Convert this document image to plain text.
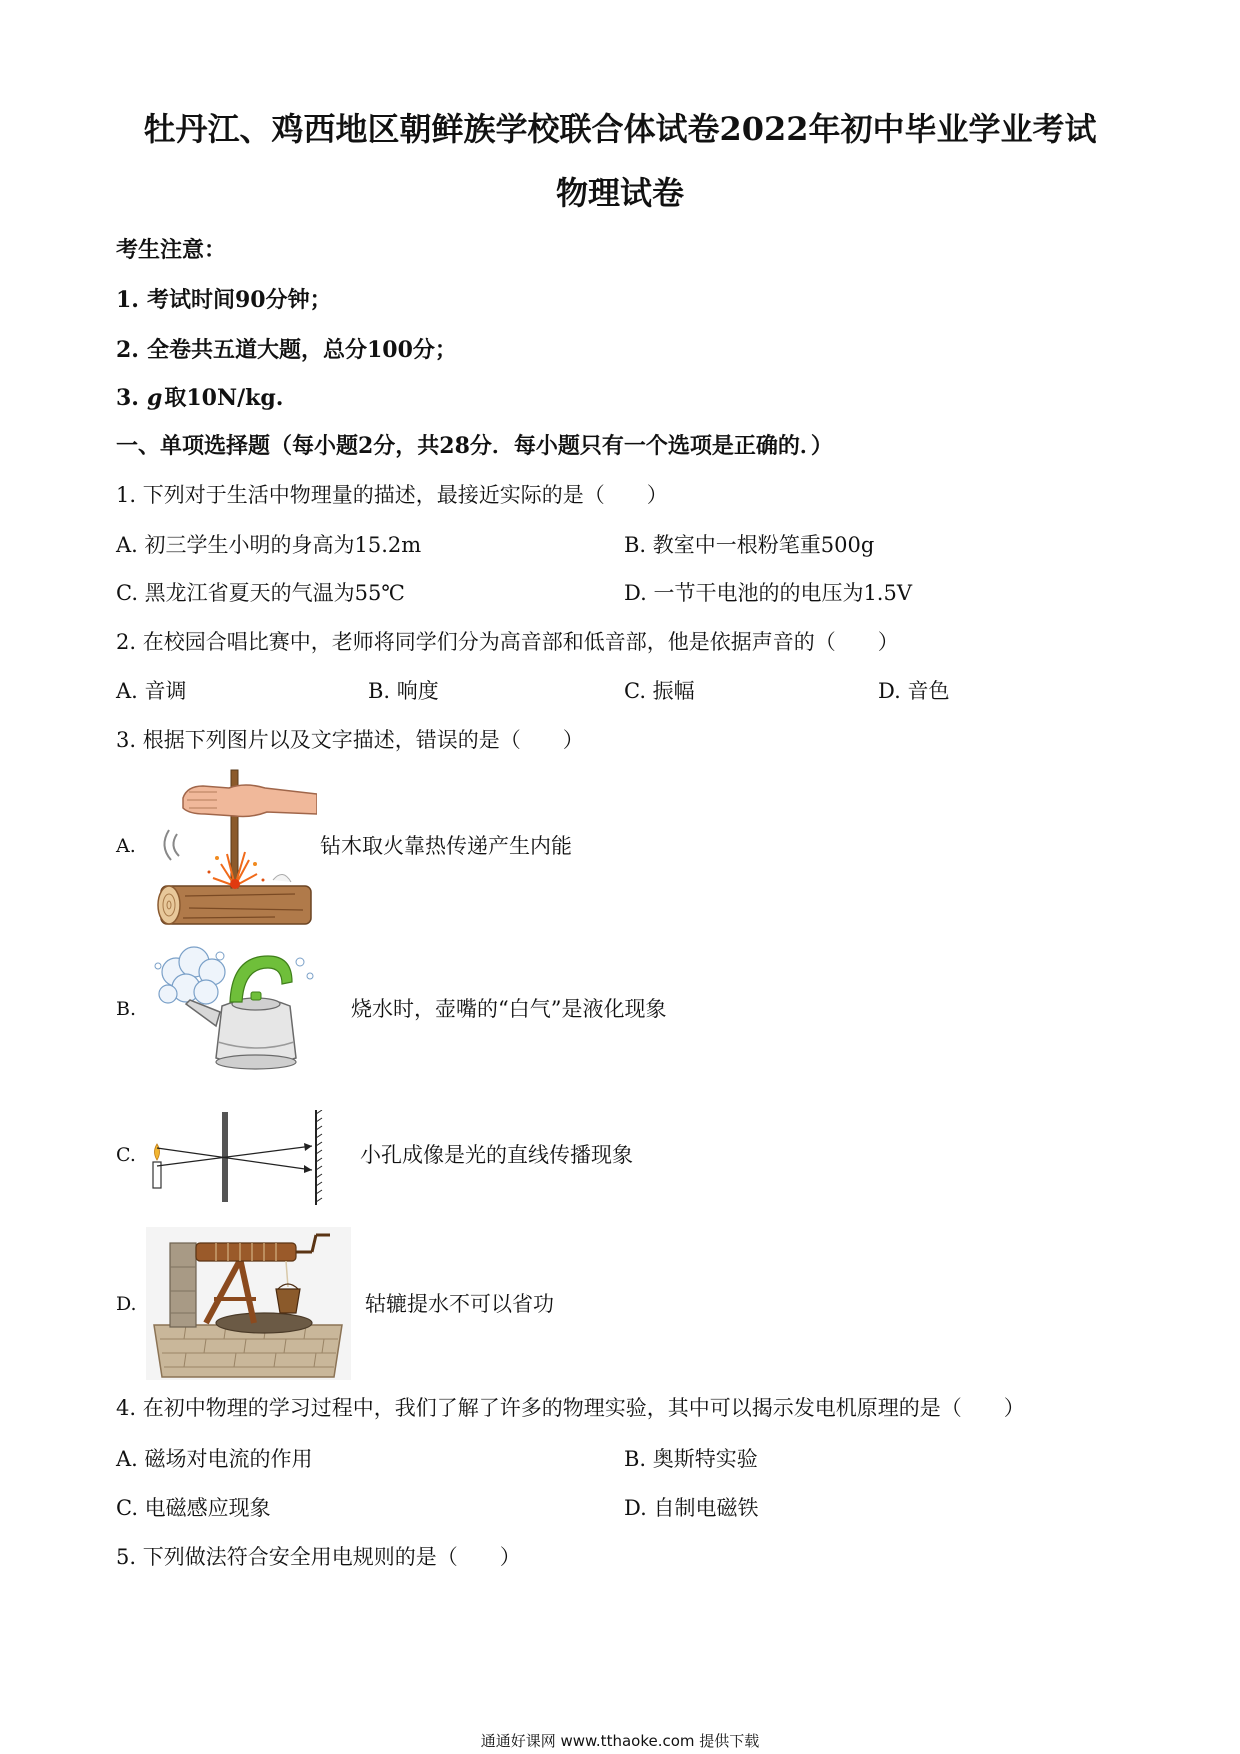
牡丹江、鸡西地区朝鲜族学校联合体试卷2022年初中毕业学业考试
物理试卷
考生注意：
1. 考试时间90分钟；
2. 全卷共五道大题，总分100分；
3. g取10N/kg.
一、单项选择题（每小题2分，共28分．每小题只有一个选项是正确的．）
1. 下列对于生活中物理量的描述，最接近实际的是（　　）
A. 初三学生小明的身高为15.2m	B. 教室中一根粉笔重500g
C. 黑龙江省夏天的气温为55℃	D. 一节干电池的的电压为1.5V
2. 在校园合唱比赛中，老师将同学们分为高音部和低音部，他是依据声音的（　　）
A. 音调	B. 响度	C. 振幅	D. 音色
3. 根据下列图片以及文字描述，错误的是（　　）
A.	钻木取火靠热传递产生内能
B.	烧水时，壶嘴的“白气”是液化现象
C.	小孔成像是光的直线传播现象
D.	轱辘提水不可以省功
4. 在初中物理的学习过程中，我们了解了许多的物理实验，其中可以揭示发电机原理的是（　　）
A. 磁场对电流的作用	B. 奥斯特实验
C. 电磁感应现象	D. 自制电磁铁
5. 下列做法符合安全用电规则的是（　　）
通通好课网 www.tthaoke.com 提供下载
